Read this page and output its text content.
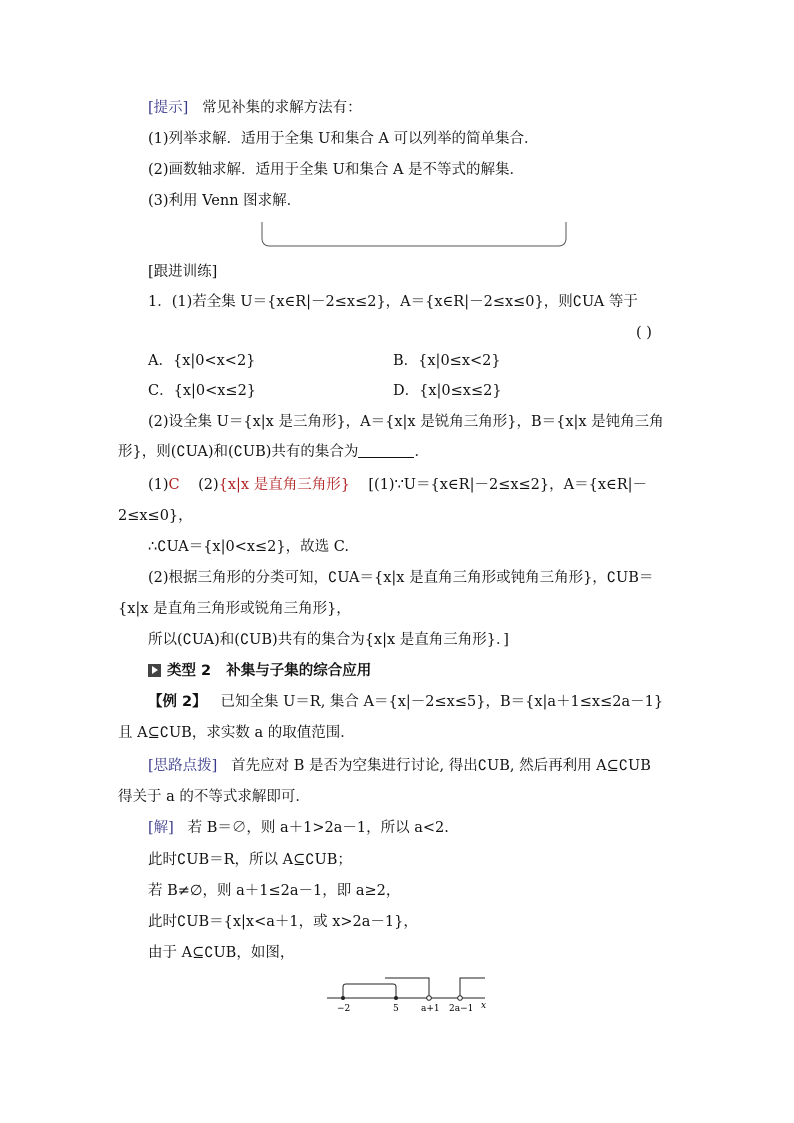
[提示] 常见补集的求解方法有：
(1)列举求解．适用于全集 U和集合 A 可以列举的简单集合．
(2)画数轴求解．适用于全集 U和集合 A 是不等式的解集．
(3)利用 Venn 图求解．
[跟进训练]
1．(1)若全集 U＝{x∈R|－2≤x≤2}，A＝{x∈R|－2≤x≤0}，则∁UA 等于
( )
A．{x|0<x<2}	B．{x|0≤x<2}
C．{x|0<x≤2}	D．{x|0≤x≤2}
(2)设全集 U＝{x|x 是三角形}，A＝{x|x 是锐角三角形}，B＝{x|x 是钝角三角
形}，则(∁UA)和(∁UB)共有的集合为	．
(1)C (2){x|x 是直角三角形} [(1)∵U＝{x∈R|－2≤x≤2}，A＝{x∈R|－
2≤x≤0}，
∴∁UA＝{x|0<x≤2}，故选 C.
(2)根据三角形的分类可知，∁UA＝{x|x 是直角三角形或钝角三角形}，∁UB＝
{x|x 是直角三角形或锐角三角形}，
所以(∁UA)和(∁UB)共有的集合为{x|x 是直角三角形}．]
类型 2 补集与子集的综合应用
【例 2】 已知全集 U＝R, 集合 A＝{x|－2≤x≤5}，B＝{x|a＋1≤x≤2a－1}
且 A⊆∁UB，求实数 a 的取值范围．
[思路点拨] 首先应对 B 是否为空集进行讨论, 得出∁UB, 然后再利用 A⊆∁UB
得关于 a 的不等式求解即可．
[解] 若 B＝∅，则 a＋1>2a－1，所以 a<2.
此时∁UB＝R，所以 A⊆∁UB；
若 B≠∅，则 a＋1≤2a－1，即 a≥2，
此时∁UB＝{x|x<a＋1，或 x>2a－1}，
由于 A⊆∁UB，如图，
−2	5 a+1 2a−1 x
